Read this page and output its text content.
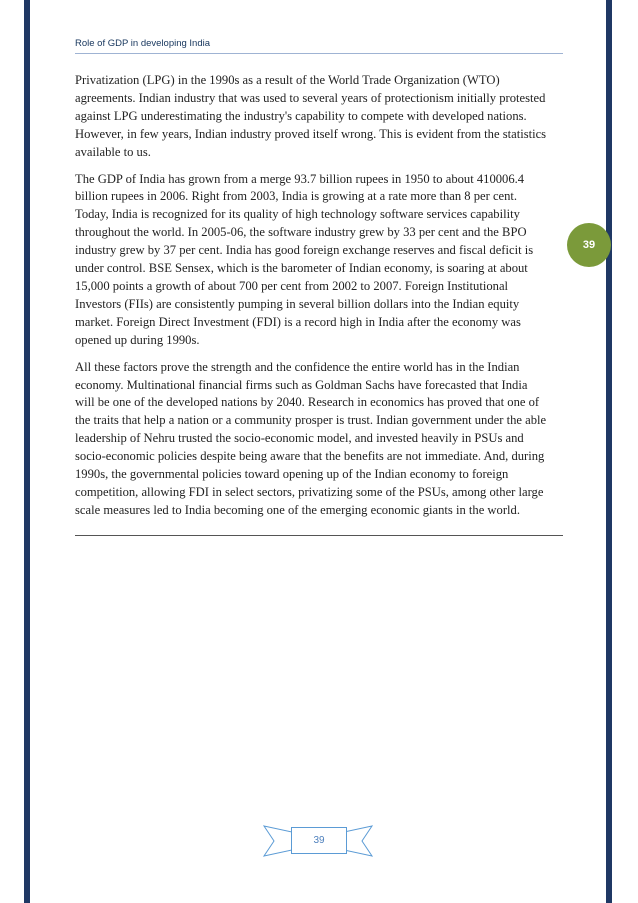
Role of GDP in developing India

Privatization (LPG) in the 1990s as a result of the World Trade Organization (WTO)
agreements. Indian industry that was used to several years of protectionism initially protested
against LPG underestimating the industry's capability to compete with developed nations.
However, in few years, Indian industry proved itself wrong. This is evident from the statistics
available to us.

The GDP of India has grown from a merge 93.7 billion rupees in 1950 to about 410006.4
billion rupees in 2006. Right from 2003, India is growing at a rate more than 8 per cent.
Today, India is recognized for its quality of high technology software services capability
throughout the world. In 2005-06, the software industry grew by 33 per cent and the BPO
industry grew by 37 per cent. India has good foreign exchange reserves and fiscal deficit is
under control. BSE Sensex, which is the barometer of Indian economy, is soaring at about
15,000 points a growth of about 700 per cent from 2002 to 2007. Foreign Institutional
Investors (FIIs) are consistently pumping in several billion dollars into the Indian equity
market. Foreign Direct Investment (FDI) is a record high in India after the economy was
opened up during 1990s.

All these factors prove the strength and the confidence the entire world has in the Indian
economy. Multinational financial firms such as Goldman Sachs have forecasted that India
will be one of the developed nations by 2040. Research in economics has proved that one of
the traits that help a nation or a community prosper is trust. Indian government under the able
leadership of Nehru trusted the socio-economic model, and invested heavily in PSUs and
socio-economic policies despite being aware that the benefits are not immediate. And, during
1990s, the governmental policies toward opening up of the Indian economy to foreign
competition, allowing FDI in select sectors, privatizing some of the PSUs, among other large
scale measures led to India becoming one of the emerging economic giants in the world.

39
39
